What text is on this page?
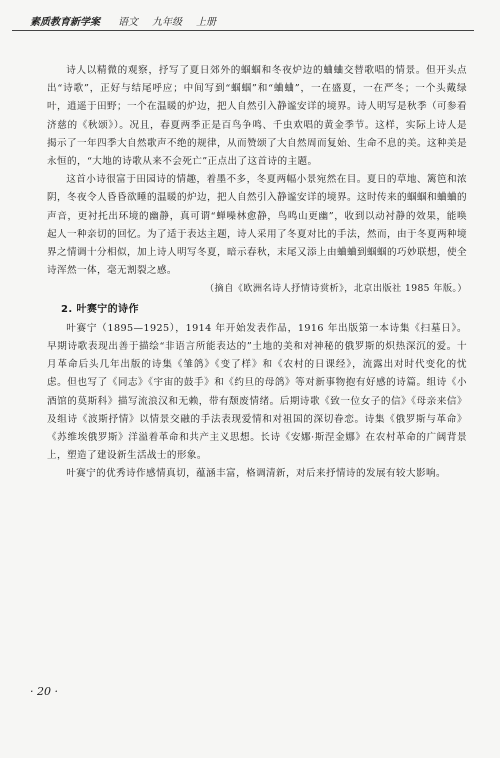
素质教育新学案 语文 九年级 上册

诗人以精微的观察，抒写了夏日郊外的蝈蝈和冬夜炉边的蛐蛐交替歌唱的情景。但开头点出“诗歌”，正好与结尾呼应；中间写到“蝈蝈”和“蛐蛐”，一在盛夏，一在严冬；一个头戴绿叶，逍遥于田野；一个在温暖的炉边，把人自然引入静谧安详的境界。诗人明写是秋季（可参看济慈的《秋颂》）。况且，春夏两季正是百鸟争鸣、千虫欢唱的黄金季节。这样，实际上诗人是揭示了一年四季大自然歌声不绝的规律，从而赞颂了大自然周而复始、生命不息的美。这种美是永恒的，“大地的诗歌从来不会死亡”正点出了这首诗的主题。

这首小诗很富于田园诗的情趣，着墨不多，冬夏两幅小景宛然在目。夏日的草地、篱笆和浓阴，冬夜令人昏昏欲睡的温暖的炉边，把人自然引入静谧安详的境界。这时传来的蝈蝈和蛐蛐的声音，更衬托出环境的幽静，真可谓“蝉噪林愈静，鸟鸣山更幽”，收到以动衬静的效果，能唤起人一种亲切的回忆。为了适于表达主题，诗人采用了冬夏对比的手法，然而，由于冬夏两种境界之情调十分相似，加上诗人明写冬夏，暗示春秋，末尾又添上由蛐蛐到蝈蝈的巧妙联想，使全诗浑然一体，毫无割裂之感。

（摘自《欧洲名诗人抒情诗赏析》，北京出版社 1985 年版。）
2. 叶赛宁的诗作

叶赛宁（1895—1925），1914 年开始发表作品，1916 年出版第一本诗集《扫墓日》。早期诗歌表现出善于描绘“非语言所能表达的”土地的美和对神秘的俄罗斯的炽热深沉的爱。十月革命后头几年出版的诗集《雏鸽》《变了样》和《农村的日课经》，流露出对时代变化的忧虑。但也写了《同志》《宇宙的鼓手》和《约旦的母鸽》等对新事物抱有好感的诗篇。组诗《小酒馆的莫斯科》描写流浪汉和无赖，带有颓废情绪。后期诗歌《致一位女子的信》《母亲来信》及组诗《波斯抒情》以情景交融的手法表现爱情和对祖国的深切眷恋。诗集《俄罗斯与革命》《苏维埃俄罗斯》洋溢着革命和共产主义思想。长诗《安娜·斯涅金娜》在农村革命的广阔背景上，塑造了建设新生活战士的形象。

叶赛宁的优秀诗作感情真切，蕴涵丰富，格调清新，对后来抒情诗的发展有较大影响。

· 20 ·
